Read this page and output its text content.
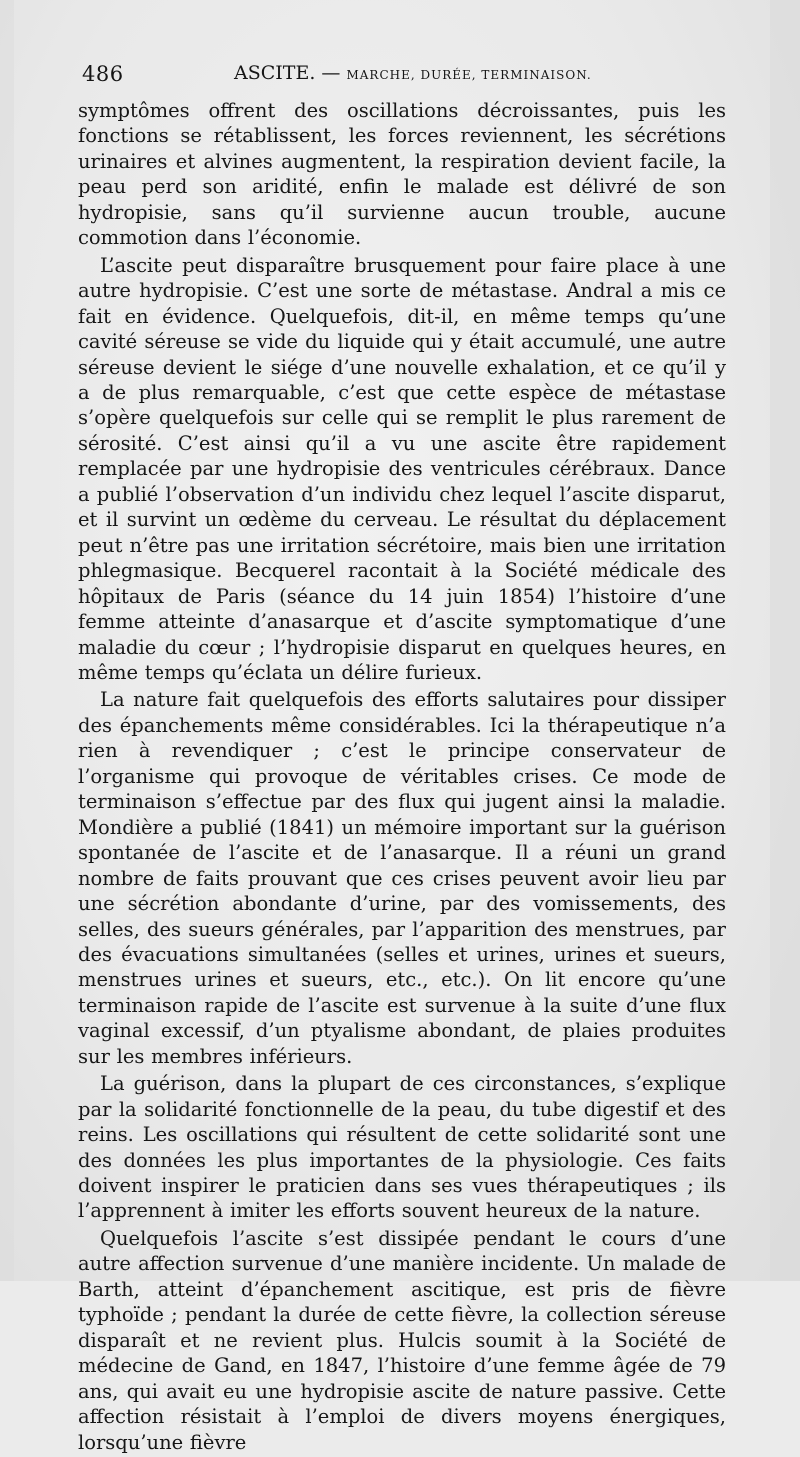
486	ASCITE. — MARCHE, DURÉE, TERMINAISON.

symptômes offrent des oscillations décroissantes, puis les fonctions se rétablissent, les forces reviennent, les sécrétions urinaires et alvines augmentent, la respiration devient facile, la peau perd son aridité, enfin le malade est délivré de son hydropisie, sans qu’il survienne aucun trouble, aucune commotion dans l’économie.

L’ascite peut disparaître brusquement pour faire place à une autre hydropisie. C’est une sorte de métastase. Andral a mis ce fait en évidence. Quelquefois, dit-il, en même temps qu’une cavité séreuse se vide du liquide qui y était accumulé, une autre séreuse devient le siége d’une nouvelle exhalation, et ce qu’il y a de plus remarquable, c’est que cette espèce de métastase s’opère quelquefois sur celle qui se remplit le plus rarement de sérosité. C’est ainsi qu’il a vu une ascite être rapidement remplacée par une hydropisie des ventricules cérébraux. Dance a publié l’observation d’un individu chez lequel l’ascite disparut, et il survint un œdème du cerveau. Le résultat du déplacement peut n’être pas une irritation sécrétoire, mais bien une irritation phlegmasique. Becquerel racontait à la Société médicale des hôpitaux de Paris (séance du 14 juin 1854) l’histoire d’une femme atteinte d’anasarque et d’ascite symptomatique d’une maladie du cœur ; l’hydropisie disparut en quelques heures, en même temps qu’éclata un délire furieux.

La nature fait quelquefois des efforts salutaires pour dissiper des épanchements même considérables. Ici la thérapeutique n’a rien à revendiquer ; c’est le principe conservateur de l’organisme qui provoque de véritables crises. Ce mode de terminaison s’effectue par des flux qui jugent ainsi la maladie. Mondière a publié (1841) un mémoire important sur la guérison spontanée de l’ascite et de l’anasarque. Il a réuni un grand nombre de faits prouvant que ces crises peuvent avoir lieu par une sécrétion abondante d’urine, par des vomissements, des selles, des sueurs générales, par l’apparition des menstrues, par des évacuations simultanées (selles et urines, urines et sueurs, menstrues urines et sueurs, etc., etc.). On lit encore qu’une terminaison rapide de l’ascite est survenue à la suite d’une flux vaginal excessif, d’un ptyalisme abondant, de plaies produites sur les membres inférieurs.

La guérison, dans la plupart de ces circonstances, s’explique par la solidarité fonctionnelle de la peau, du tube digestif et des reins. Les oscillations qui résultent de cette solidarité sont une des données les plus importantes de la physiologie. Ces faits doivent inspirer le praticien dans ses vues thérapeutiques ; ils l’apprennent à imiter les efforts souvent heureux de la nature.

Quelquefois l’ascite s’est dissipée pendant le cours d’une autre affection survenue d’une manière incidente. Un malade de Barth, atteint d’épanchement ascitique, est pris de fièvre typhoïde ; pendant la durée de cette fièvre, la collection séreuse disparaît et ne revient plus. Hulcis soumit à la Société de médecine de Gand, en 1847, l’histoire d’une femme âgée de 79 ans, qui avait eu une hydropisie ascite de nature passive. Cette affection résistait à l’emploi de divers moyens énergiques, lorsqu’une fièvre
